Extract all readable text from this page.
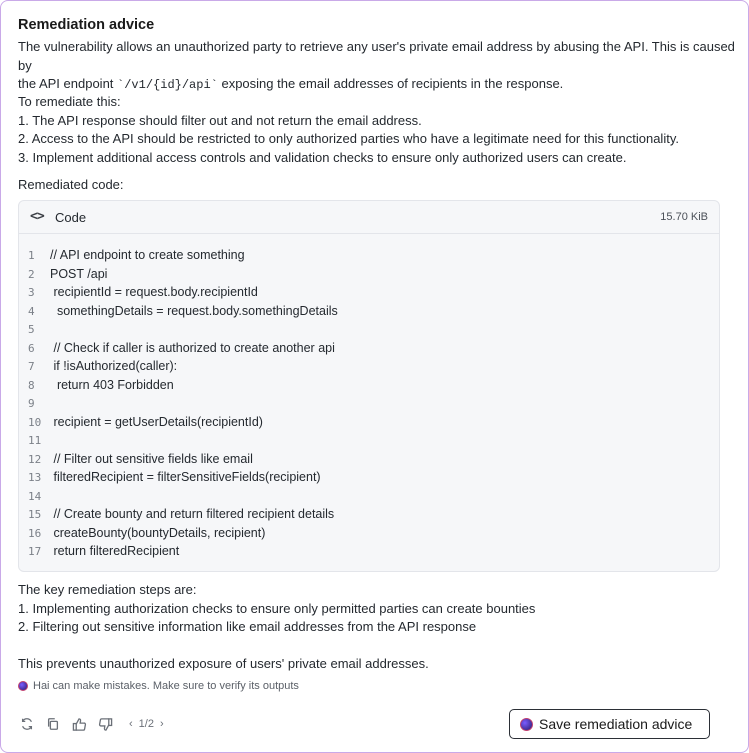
Remediation advice
The vulnerability allows an unauthorized party to retrieve any user's private email address by abusing the API. This is caused by
the API endpoint `/v1/{id}/api` exposing the email addresses of recipients in the response.
To remediate this:
1. The API response should filter out and not return the email address.
2. Access to the API should be restricted to only authorized parties who have a legitimate need for this functionality.
3. Implement additional access controls and validation checks to ensure only authorized users can create.
Remediated code:
<> Code	15.70 KiB
1	// API endpoint to create something
2	POST /api
3	recipientId = request.body.recipientId
4	somethingDetails = request.body.somethingDetails
5
6	// Check if caller is authorized to create another api
7	if !isAuthorized(caller):
8	return 403 Forbidden
9
10 recipient = getUserDetails(recipientId)
11
12 // Filter out sensitive fields like email
13 filteredRecipient = filterSensitiveFields(recipient)
14
15 // Create bounty and return filtered recipient details
16 createBounty(bountyDetails, recipient)
17 return filteredRecipient
The key remediation steps are:
1. Implementing authorization checks to ensure only permitted parties can create bounties
2. Filtering out sensitive information like email addresses from the API response
This prevents unauthorized exposure of users' private email addresses.
Hai can make mistakes. Make sure to verify its outputs
‹ 1/2 ›	Save remediation advice
